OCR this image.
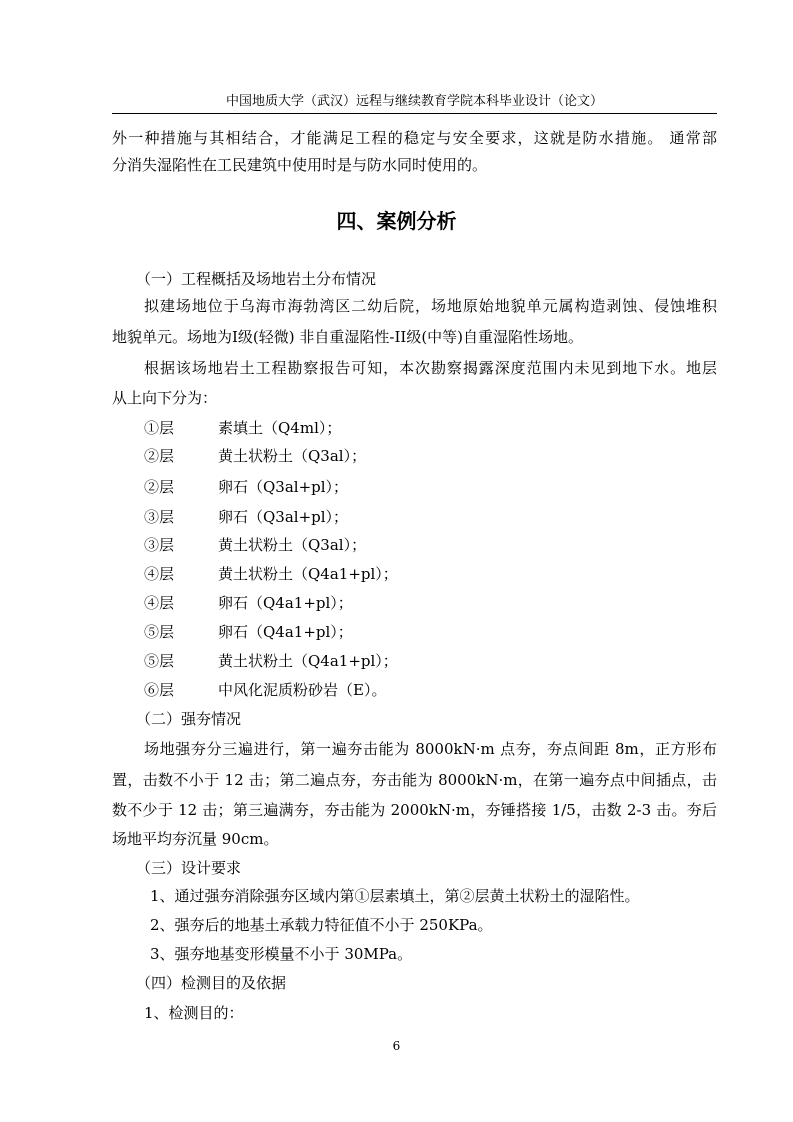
中国地质大学（武汉）远程与继续教育学院本科毕业设计（论文）
外一种措施与其相结合，才能满足工程的稳定与安全要求，这就是防水措施。 通常部
分消失湿陷性在工民建筑中使用时是与防水同时使用的。
四、案例分析
（一）工程概括及场地岩土分布情况
拟建场地位于乌海市海勃湾区二幼后院，场地原始地貌单元属构造剥蚀、侵蚀堆积
地貌单元。场地为I级(轻微) 非自重湿陷性-II级(中等)自重湿陷性场地。
根据该场地岩土工程勘察报告可知，本次勘察揭露深度范围内未见到地下水。地层
从上向下分为：
①层	素填土（Q4ml）；
②层	黄土状粉土（Q3al）；
②层	卵石（Q3al+pl）；
③层	卵石（Q3al+pl）；
③层	黄土状粉土（Q3al）；
④层	黄土状粉土（Q4a1+pl）；
④层	卵石（Q4a1+pl）；
⑤层	卵石（Q4a1+pl）；
⑤层	黄土状粉土（Q4a1+pl）；
⑥层	中风化泥质粉砂岩（E）。
（二）强夯情况
场地强夯分三遍进行，第一遍夯击能为 8000kN·m 点夯，夯点间距 8m，正方形布
置，击数不小于 12 击；第二遍点夯，夯击能为 8000kN·m，在第一遍夯点中间插点，击
数不少于 12 击；第三遍满夯，夯击能为 2000kN·m，夯锤搭接 1/5，击数 2-3 击。夯后
场地平均夯沉量 90cm。
（三）设计要求
1、通过强夯消除强夯区域内第①层素填土，第②层黄土状粉土的湿陷性。
2、强夯后的地基土承载力特征值不小于 250KPa。
3、强夯地基变形模量不小于 30MPa。
（四）检测目的及依据
1、检测目的：
6
